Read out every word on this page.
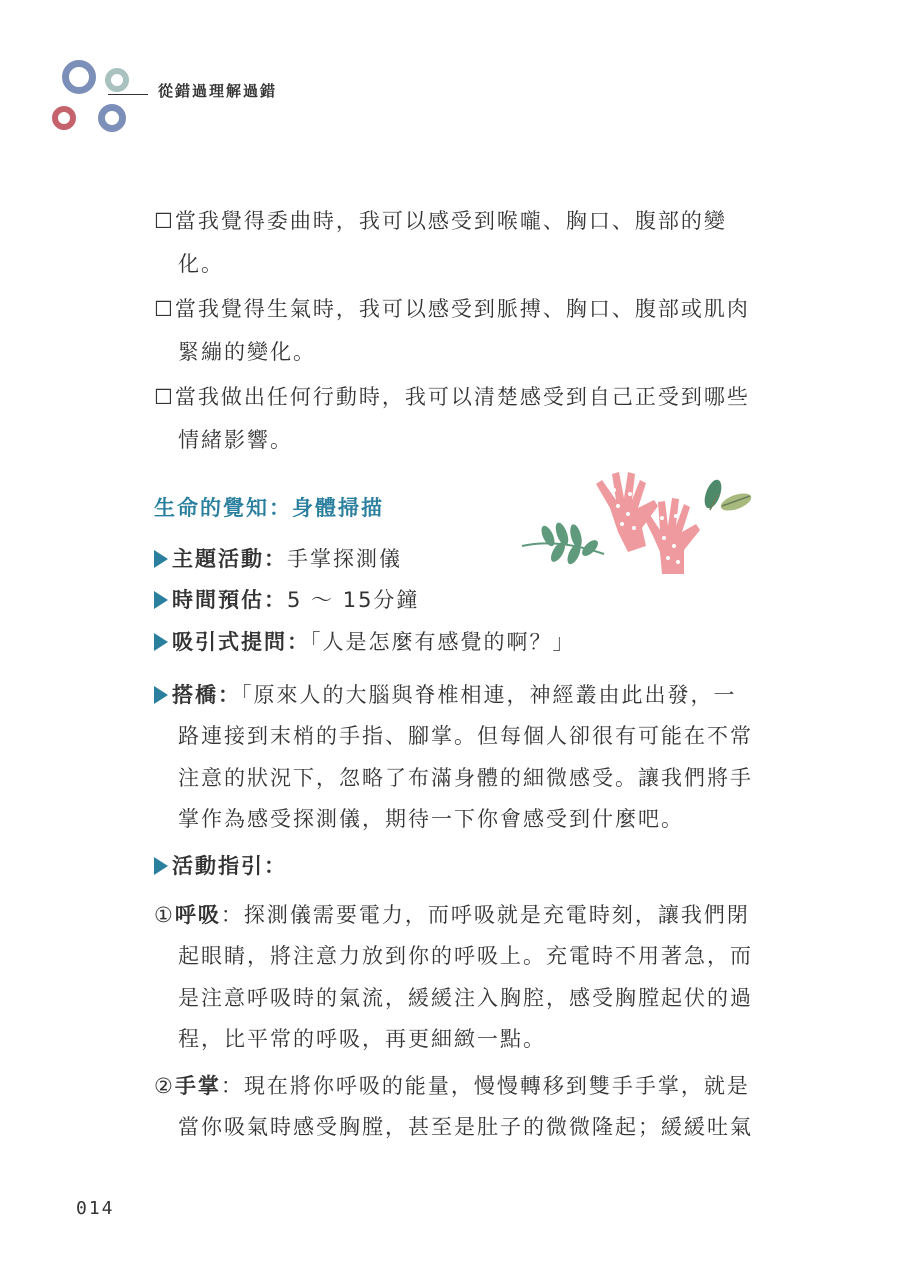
從錯過理解過錯
☐當我覺得委曲時，我可以感受到喉嚨、胸口、腹部的變
化。
☐當我覺得生氣時，我可以感受到脈搏、胸口、腹部或肌肉
緊繃的變化。
☐當我做出任何行動時，我可以清楚感受到自己正受到哪些
情緒影響。
生命的覺知：身體掃描
主題活動：手掌探測儀
時間預估：5 ～ 15分鐘
吸引式提問：「人是怎麼有感覺的啊？」
搭橋：「原來人的大腦與脊椎相連，神經叢由此出發，一
路連接到末梢的手指、腳掌。但每個人卻很有可能在不常
注意的狀況下，忽略了布滿身體的細微感受。讓我們將手
掌作為感受探測儀，期待一下你會感受到什麼吧。
活動指引：
①呼吸：探測儀需要電力，而呼吸就是充電時刻，讓我們閉
起眼睛，將注意力放到你的呼吸上。充電時不用著急，而
是注意呼吸時的氣流，緩緩注入胸腔，感受胸膛起伏的過
程，比平常的呼吸，再更細緻一點。
②手掌：現在將你呼吸的能量，慢慢轉移到雙手手掌，就是
當你吸氣時感受胸膛，甚至是肚子的微微隆起；緩緩吐氣
014
